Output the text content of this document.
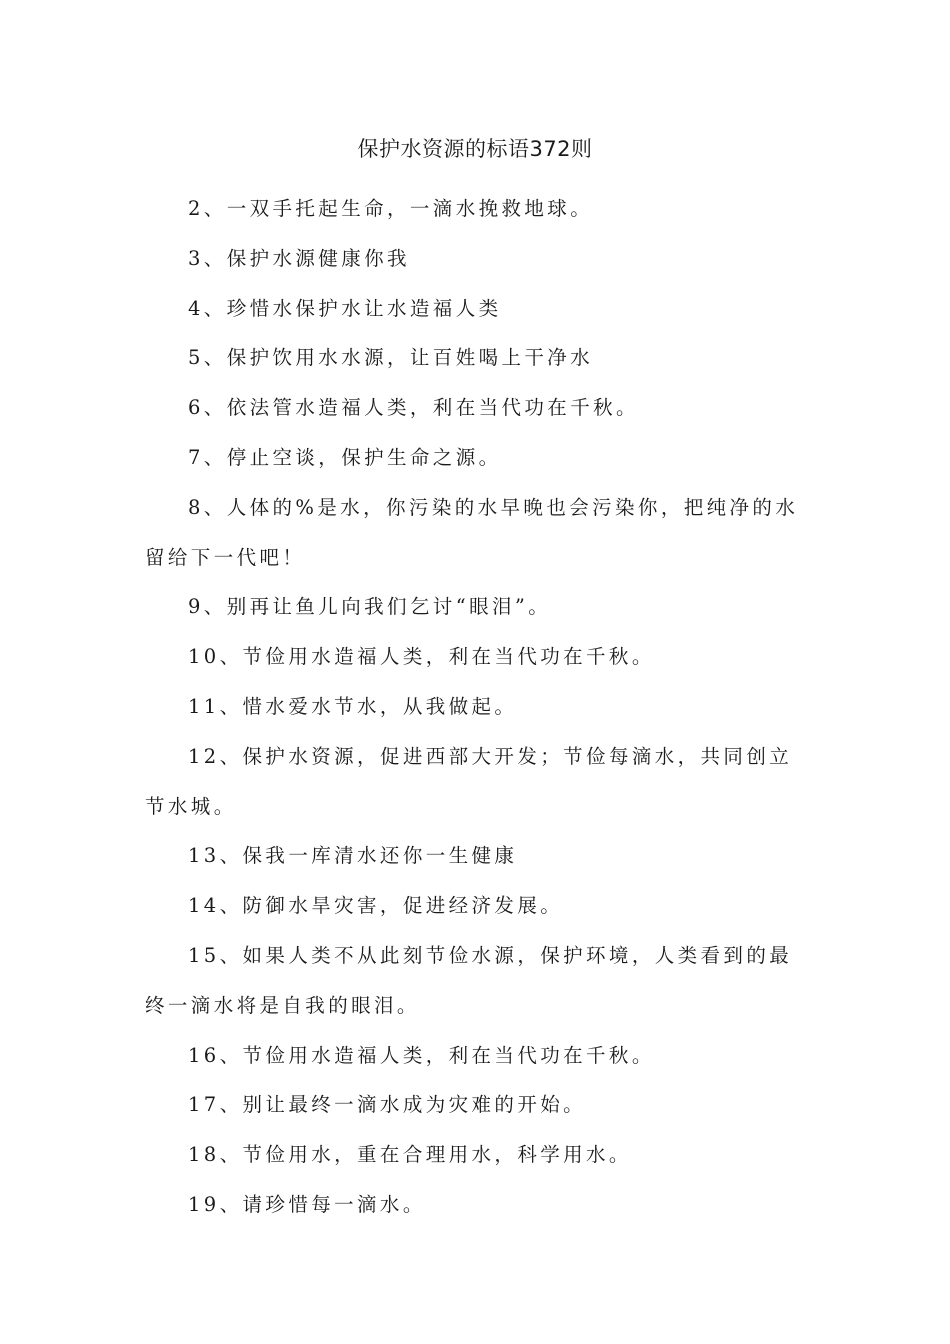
保护水资源的标语372则

2、一双手托起生命，一滴水挽救地球。

3、保护水源健康你我

4、珍惜水保护水让水造福人类

5、保护饮用水水源，让百姓喝上干净水

6、依法管水造福人类，利在当代功在千秋。

7、停止空谈，保护生命之源。

8、人体的%是水，你污染的水早晚也会污染你，把纯净的水留给下一代吧！

9、别再让鱼儿向我们乞讨“眼泪”。

10、节俭用水造福人类，利在当代功在千秋。

11、惜水爱水节水，从我做起。

12、保护水资源，促进西部大开发；节俭每滴水，共同创立节水城。

13、保我一库清水还你一生健康

14、防御水旱灾害，促进经济发展。

15、如果人类不从此刻节俭水源，保护环境，人类看到的最终一滴水将是自我的眼泪。

16、节俭用水造福人类，利在当代功在千秋。

17、别让最终一滴水成为灾难的开始。

18、节俭用水，重在合理用水，科学用水。

19、请珍惜每一滴水。
